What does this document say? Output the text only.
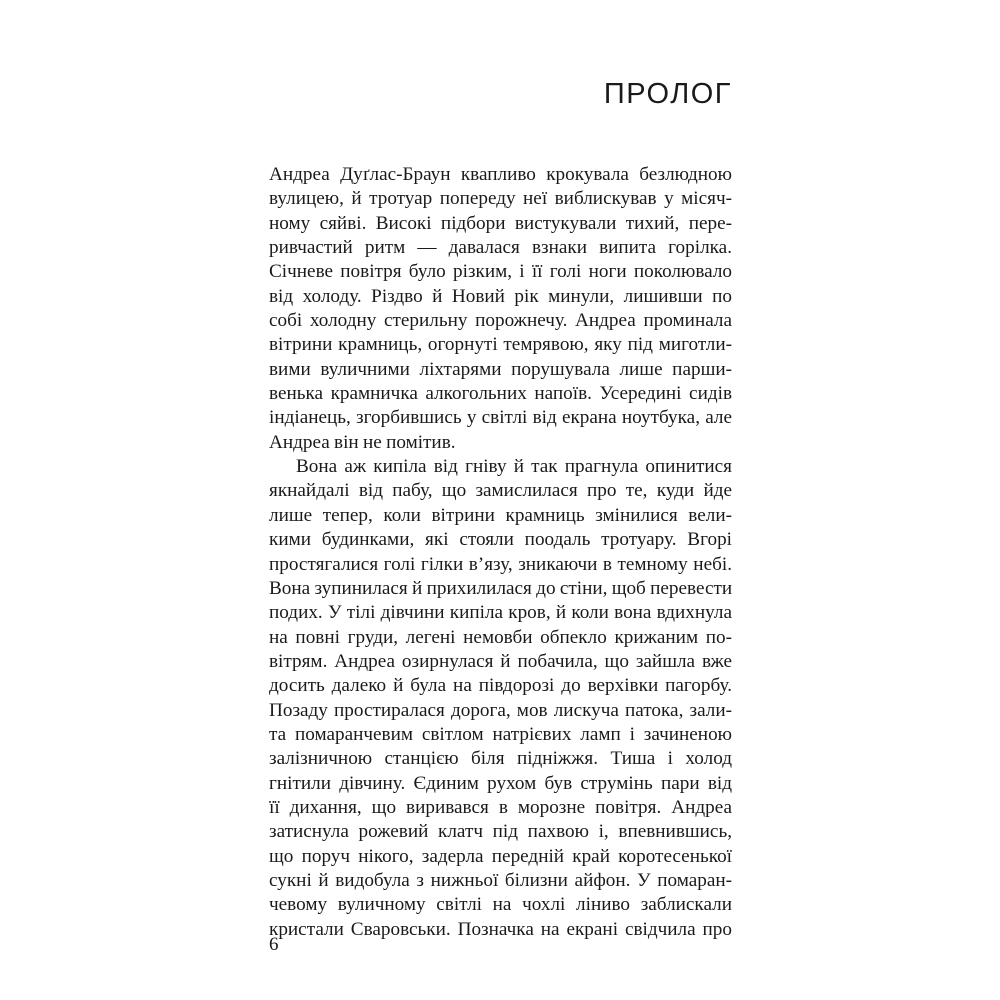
ПРОЛОГ
Андреа Дуґлас-Браун квапливо крокувала безлюдною
вулицею, й тротуар попереду неї виблискував у місяч-
ному сяйві. Високі підбори вистукували тихий, пере-
ривчастий ритм — давалася взнаки випита горілка.
Січневе повітря було різким, і її голі ноги поколювало
від холоду. Різдво й Новий рік минули, лишивши по
собі холодну стерильну порожнечу. Андреа проминала
вітрини крамниць, огорнуті темрявою, яку під миготли-
вими вуличними ліхтарями порушувала лише парши-
венька крамничка алкогольних напоїв. Усередині сидів
індіанець, згорбившись у світлі від екрана ноутбука, але
Андреа він не помітив.
Вона аж кипіла від гніву й так прагнула опинитися
якнайдалі від пабу, що замислилася про те, куди йде
лише тепер, коли вітрини крамниць змінилися вели-
кими будинками, які стояли поодаль тротуару. Вгорі
простягалися голі гілки в’язу, зникаючи в темному небі.
Вона зупинилася й прихилилася до стіни, щоб перевести
подих. У тілі дівчини кипіла кров, й коли вона вдихнула
на повні груди, легені немовби обпекло крижаним по-
вітрям. Андреа озирнулася й побачила, що зайшла вже
досить далеко й була на півдорозі до верхівки пагорбу.
Позаду простиралася дорога, мов лискуча патока, зали-
та помаранчевим світлом натрієвих ламп і зачиненою
залізничною станцією біля підніжжя. Тиша і холод
гнітили дівчину. Єдиним рухом був струмінь пари від
її дихання, що виривався в морозне повітря. Андреа
затиснула рожевий клатч під пахвою і, впевнившись,
що поруч нікого, задерла передній край коротесенької
сукні й видобула з нижньої білизни айфон. У помаран-
чевому вуличному світлі на чохлі ліниво заблискали
кристали Сваровськи. Позначка на екрані свідчила про

6
